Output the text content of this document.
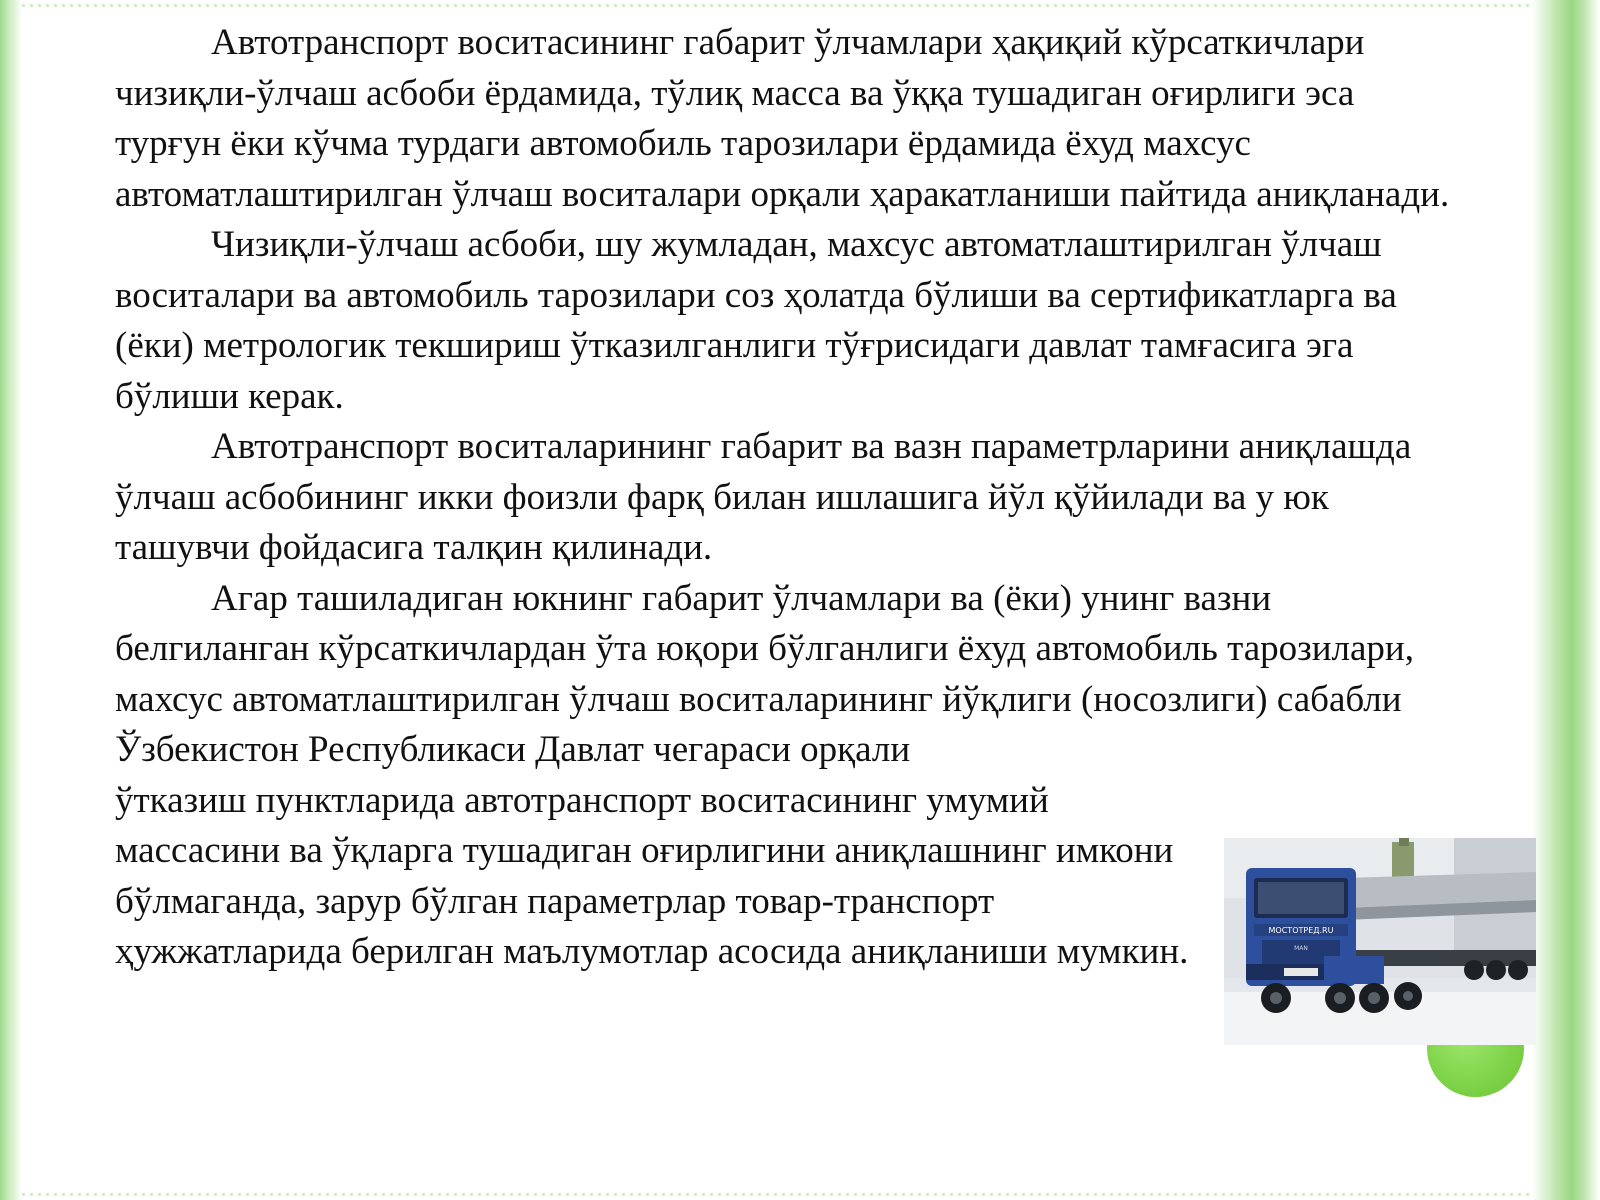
Автотранспорт воситасининг габарит ўлчамлари ҳақиқий кўрсаткичлари чизиқли-ўлчаш асбоби ёрдамида, тўлиқ масса ва ўққа тушадиган оғирлиги эса турғун ёки кўчма турдаги автомобиль тарозилари ёрдамида ёхуд махсус автоматлаштирилган ўлчаш воситалари орқали ҳаракатланиши пайтида аниқланади.

Чизиқли-ўлчаш асбоби, шу жумладан, махсус автоматлаштирилган ўлчаш воситалари ва автомобиль тарозилари соз ҳолатда бўлиши ва сертификатларга ва (ёки) метрологик текшириш ўтказилганлиги тўғрисидаги давлат тамғасига эга бўлиши керак.

Автотранспорт воситаларининг габарит ва вазн параметрларини аниқлашда ўлчаш асбобининг икки фоизли фарқ билан ишлашига йўл қўйилади ва у юк ташувчи фойдасига талқин қилинади.

Агар ташиладиган юкнинг габарит ўлчамлари ва (ёки) унинг вазни белгиланган кўрсаткичлардан ўта юқори бўлганлиги ёхуд автомобиль тарозилари, махсус автоматлаштирилган ўлчаш воситаларининг йўқлиги (носозлиги) сабабли Ўзбекистон Республикаси Давлат чегараси орқали

ўтказиш пунктларида автотранспорт воситасининг умумий массасини ва ўқларга тушадиган оғирлигини аниқлашнинг имкони бўлмаганда, зарур бўлган параметрлар товар-транспорт ҳужжатларида берилган маълумотлар асосида аниқланиши мумкин.

МОСТОТРЕД.RU
MAN
